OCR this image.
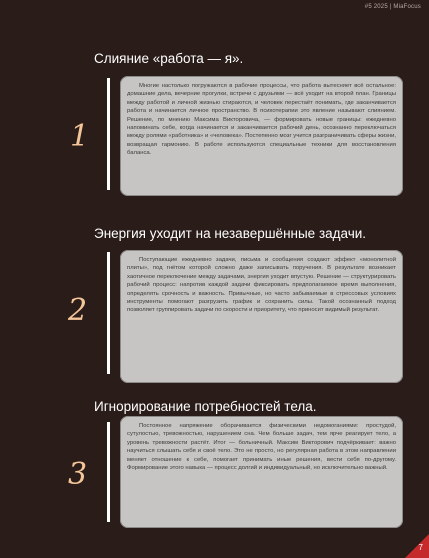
#5 2025 | MiaFocus
Слияние «работа — я».
1
Многие настолько погружаются в рабочие процессы, что работа вытесняет всё остальное: домашние дела, вечерние прогулки, встречи с друзьями — всё уходит на второй план. Границы между работой и личной жизнью стираются, и человек перестаёт понимать, где заканчивается работа и начинается личное пространство. В психотерапии это явление называют слиянием. Решение, по мнению Максима Викторовича, — формировать новые границы: ежедневно напоминать себе, когда начинается и заканчивается рабочий день, осознанно переключаться между ролями «работника» и «человека». Постепенно мозг учится разграничивать сферы жизни, возвращая гармонию. В работе используются специальные техники для восстановления баланса.
Энергия уходит на незавершённые задачи.
2
Поступающие ежедневно задачи, письма и сообщения создают эффект «монолитной плиты», под гнётом которой сложно даже записывать поручения. В результате возникает хаотичное переключение между задачами, энергия уходит впустую. Решение — структурировать рабочий процесс: напротив каждой задачи фиксировать предполагаемое время выполнения, определять срочность и важность. Привычные, но часто забываемые в стрессовых условиях инструменты помогают разгрузить график и сохранить силы. Такой осознанный подход позволяет группировать задачи по скорости и приоритету, что приносит видимый результат.
Игнорирование потребностей тела.
3
Постоянное напряжение оборачивается физическими недомоганиями: простудой, сутулостью, тревожностью, нарушением сна. Чем больше задач, тем ярче реагирует тело, а уровень тревожности растёт. Итог — больничный. Максим Викторович подчёркивает: важно научиться слышать себя и своё тело. Это не просто, но регулярная работа в этом направлении меняет отношение к себе, помогает принимать иные решения, вести себя по-другому. Формирование этого навыка — процесс долгий и индивидуальный, но исключительно важный.
7
